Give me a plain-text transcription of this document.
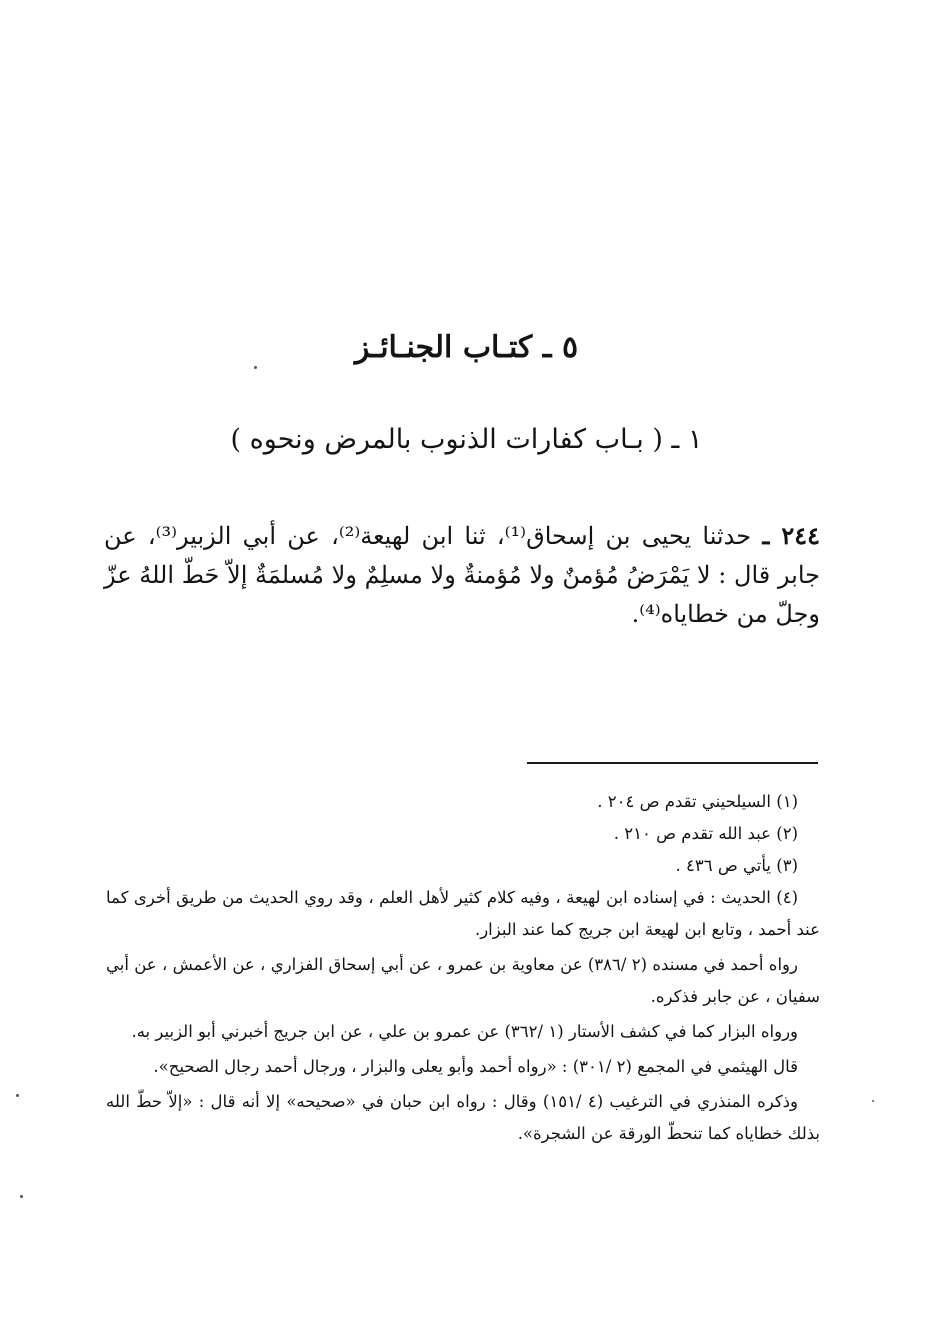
٥ ـ كتـاب الجنـائـز
١ ـ ( بـاب كفارات الذنوب بالمرض ونحوه )
٢٤٤ ـ حدثنا يحيى بن إسحاق⁽¹⁾، ثنا ابن لهيعة⁽²⁾، عن أبي الزبير⁽³⁾، عن جابر قال : لا يَمْرَضُ مُؤمنٌ ولا مُؤمنةٌ ولا مسلِمٌ ولا مُسلمَةٌ إلاّ حَطّ اللهُ عزّ وجلّ من خطاياه⁽⁴⁾.

(١) السيلحيني تقدم ص ٢٠٤ .

(٢) عبد الله تقدم ص ٢١٠ .

(٣) يأتي ص ٤٣٦ .

(٤) الحديث : في إسناده ابن لهيعة ، وفيه كلام كثير لأهل العلم ، وقد روي الحديث من طريق أخرى كما عند أحمد ، وتابع ابن لهيعة ابن جريج كما عند البزار.

رواه أحمد في مسنده (٢ /٣٨٦) عن معاوية بن عمرو ، عن أبي إسحاق الفزاري ، عن الأعمش ، عن أبي سفيان ، عن جابر فذكره.

ورواه البزار كما في كشف الأستار (١ /٣٦٢) عن عمرو بن علي ، عن ابن جريج أخبرني أبو الزبير به.

قال الهيثمي في المجمع (٢ /٣٠١) : «رواه أحمد وأبو يعلى والبزار ، ورجال أحمد رجال الصحيح».

وذكره المنذري في الترغيب (٤ /١٥١) وقال : رواه ابن حبان في «صحيحه» إلا أنه قال : «إلاّ حطّ الله بذلك خطاياه كما تنحطّ الورقة عن الشجرة».
